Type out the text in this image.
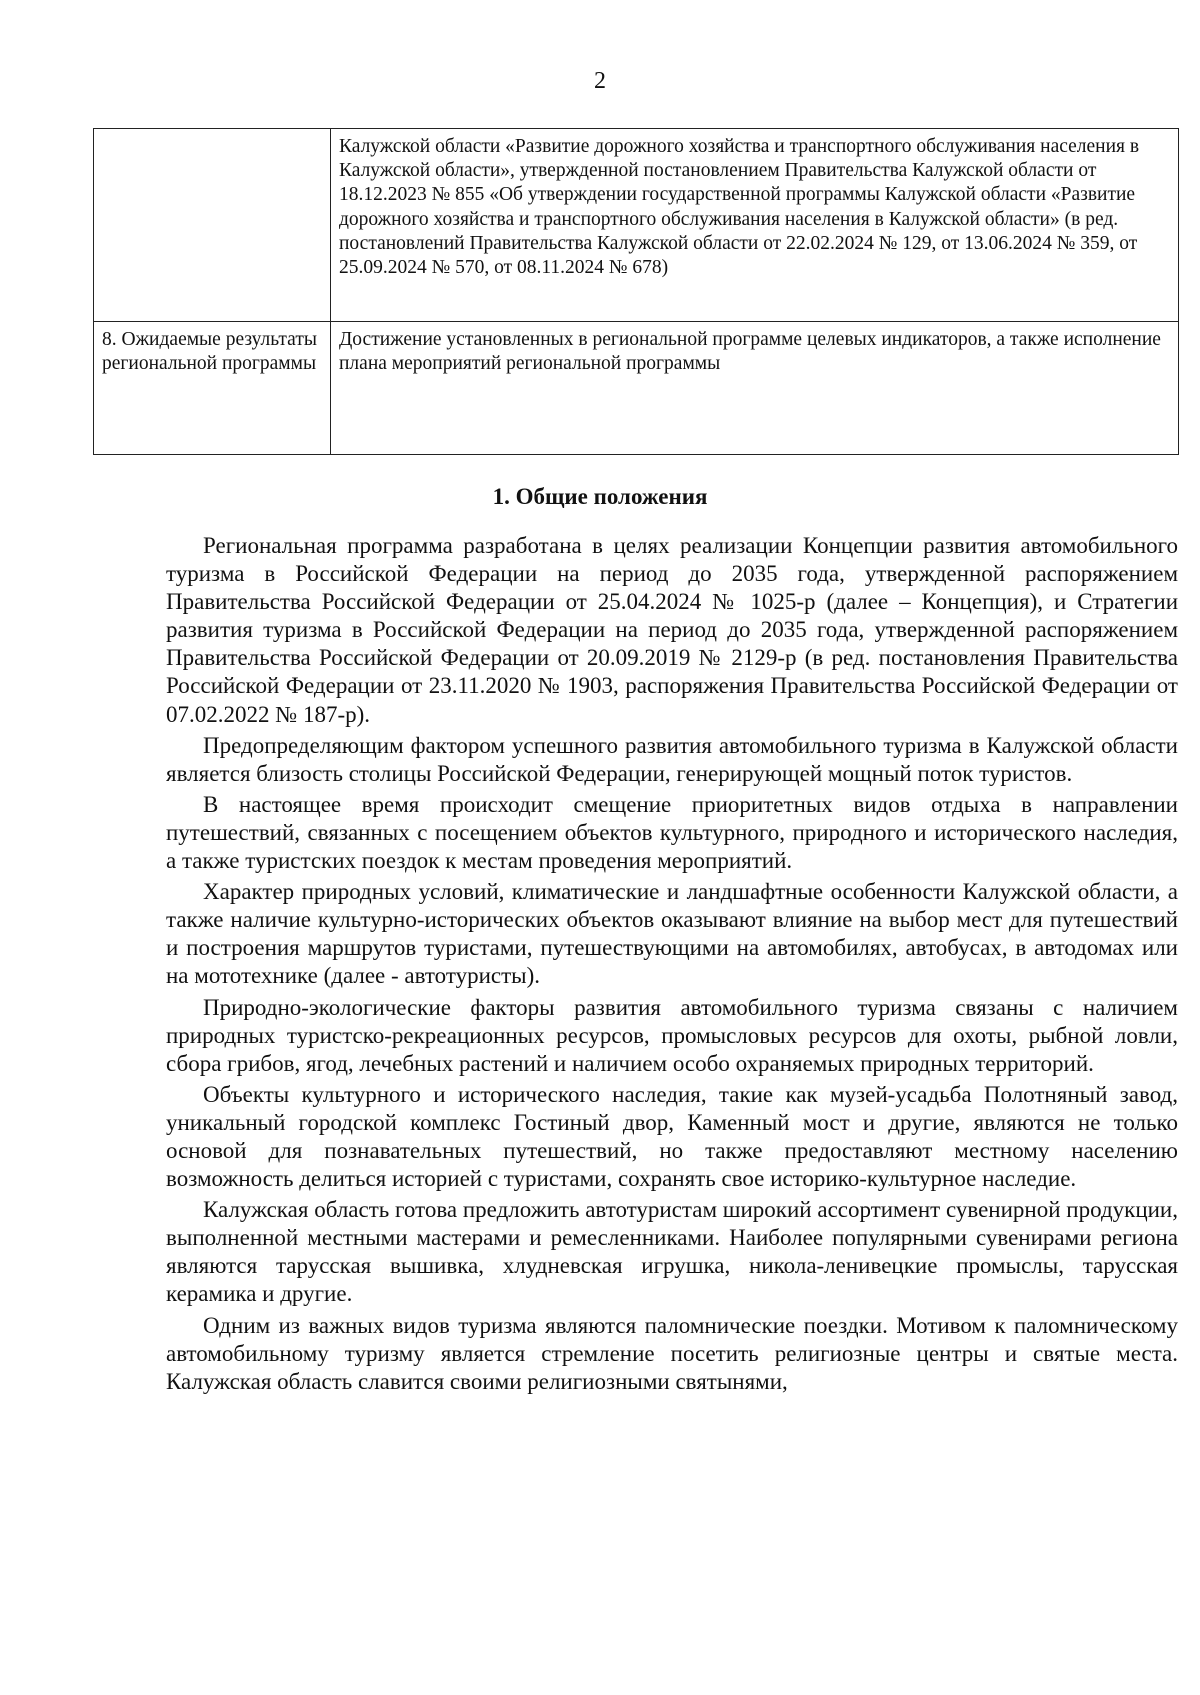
2
	Калужской области «Развитие дорожного хозяйства и транспортного обслуживания населения в Калужской области», утвержденной постановлением Правительства Калужской области от 18.12.2023 № 855 «Об утверждении государственной программы Калужской области «Развитие дорожного хозяйства и транспортного обслуживания населения в Калужской области» (в ред. постановлений Правительства Калужской области от 22.02.2024 № 129, от 13.06.2024 № 359, от 25.09.2024 № 570, от 08.11.2024 № 678)
8. Ожидаемые результаты региональной программы	Достижение установленных в региональной программе целевых индикаторов, а также исполнение плана мероприятий региональной программы
1. Общие положения

Региональная программа разработана в целях реализации Концепции развития автомобильного туризма в Российской Федерации на период до 2035 года, утвержденной распоряжением Правительства Российской Федерации от 25.04.2024 № 1025-р (далее – Концепция), и Стратегии развития туризма в Российской Федерации на период до 2035 года, утвержденной распоряжением Правительства Российской Федерации от 20.09.2019 № 2129-р (в ред. постановления Правительства Российской Федерации от 23.11.2020 № 1903, распоряжения Правительства Российской Федерации от 07.02.2022 № 187-р).

Предопределяющим фактором успешного развития автомобильного туризма в Калужской области является близость столицы Российской Федерации, генерирующей мощный поток туристов.

В настоящее время происходит смещение приоритетных видов отдыха в направлении путешествий, связанных с посещением объектов культурного, природного и исторического наследия, а также туристских поездок к местам проведения мероприятий.

Характер природных условий, климатические и ландшафтные особенности Калужской области, а также наличие культурно-исторических объектов оказывают влияние на выбор мест для путешествий и построения маршрутов туристами, путешествующими на автомобилях, автобусах, в автодомах или на мототехнике (далее - автотуристы).

Природно-экологические факторы развития автомобильного туризма связаны с наличием природных туристско-рекреационных ресурсов, промысловых ресурсов для охоты, рыбной ловли, сбора грибов, ягод, лечебных растений и наличием особо охраняемых природных территорий.

Объекты культурного и исторического наследия, такие как музей-усадьба Полотняный завод, уникальный городской комплекс Гостиный двор, Каменный мост и другие, являются не только основой для познавательных путешествий, но также предоставляют местному населению возможность делиться историей с туристами, сохранять свое историко-культурное наследие.

Калужская область готова предложить автотуристам широкий ассортимент сувенирной продукции, выполненной местными мастерами и ремесленниками. Наиболее популярными сувенирами региона являются тарусская вышивка, хлудневская игрушка, никола-ленивецкие промыслы, тарусская керамика и другие.

Одним из важных видов туризма являются паломнические поездки. Мотивом к паломническому автомобильному туризму является стремление посетить религиозные центры и святые места. Калужская область славится своими религиозными святынями,
